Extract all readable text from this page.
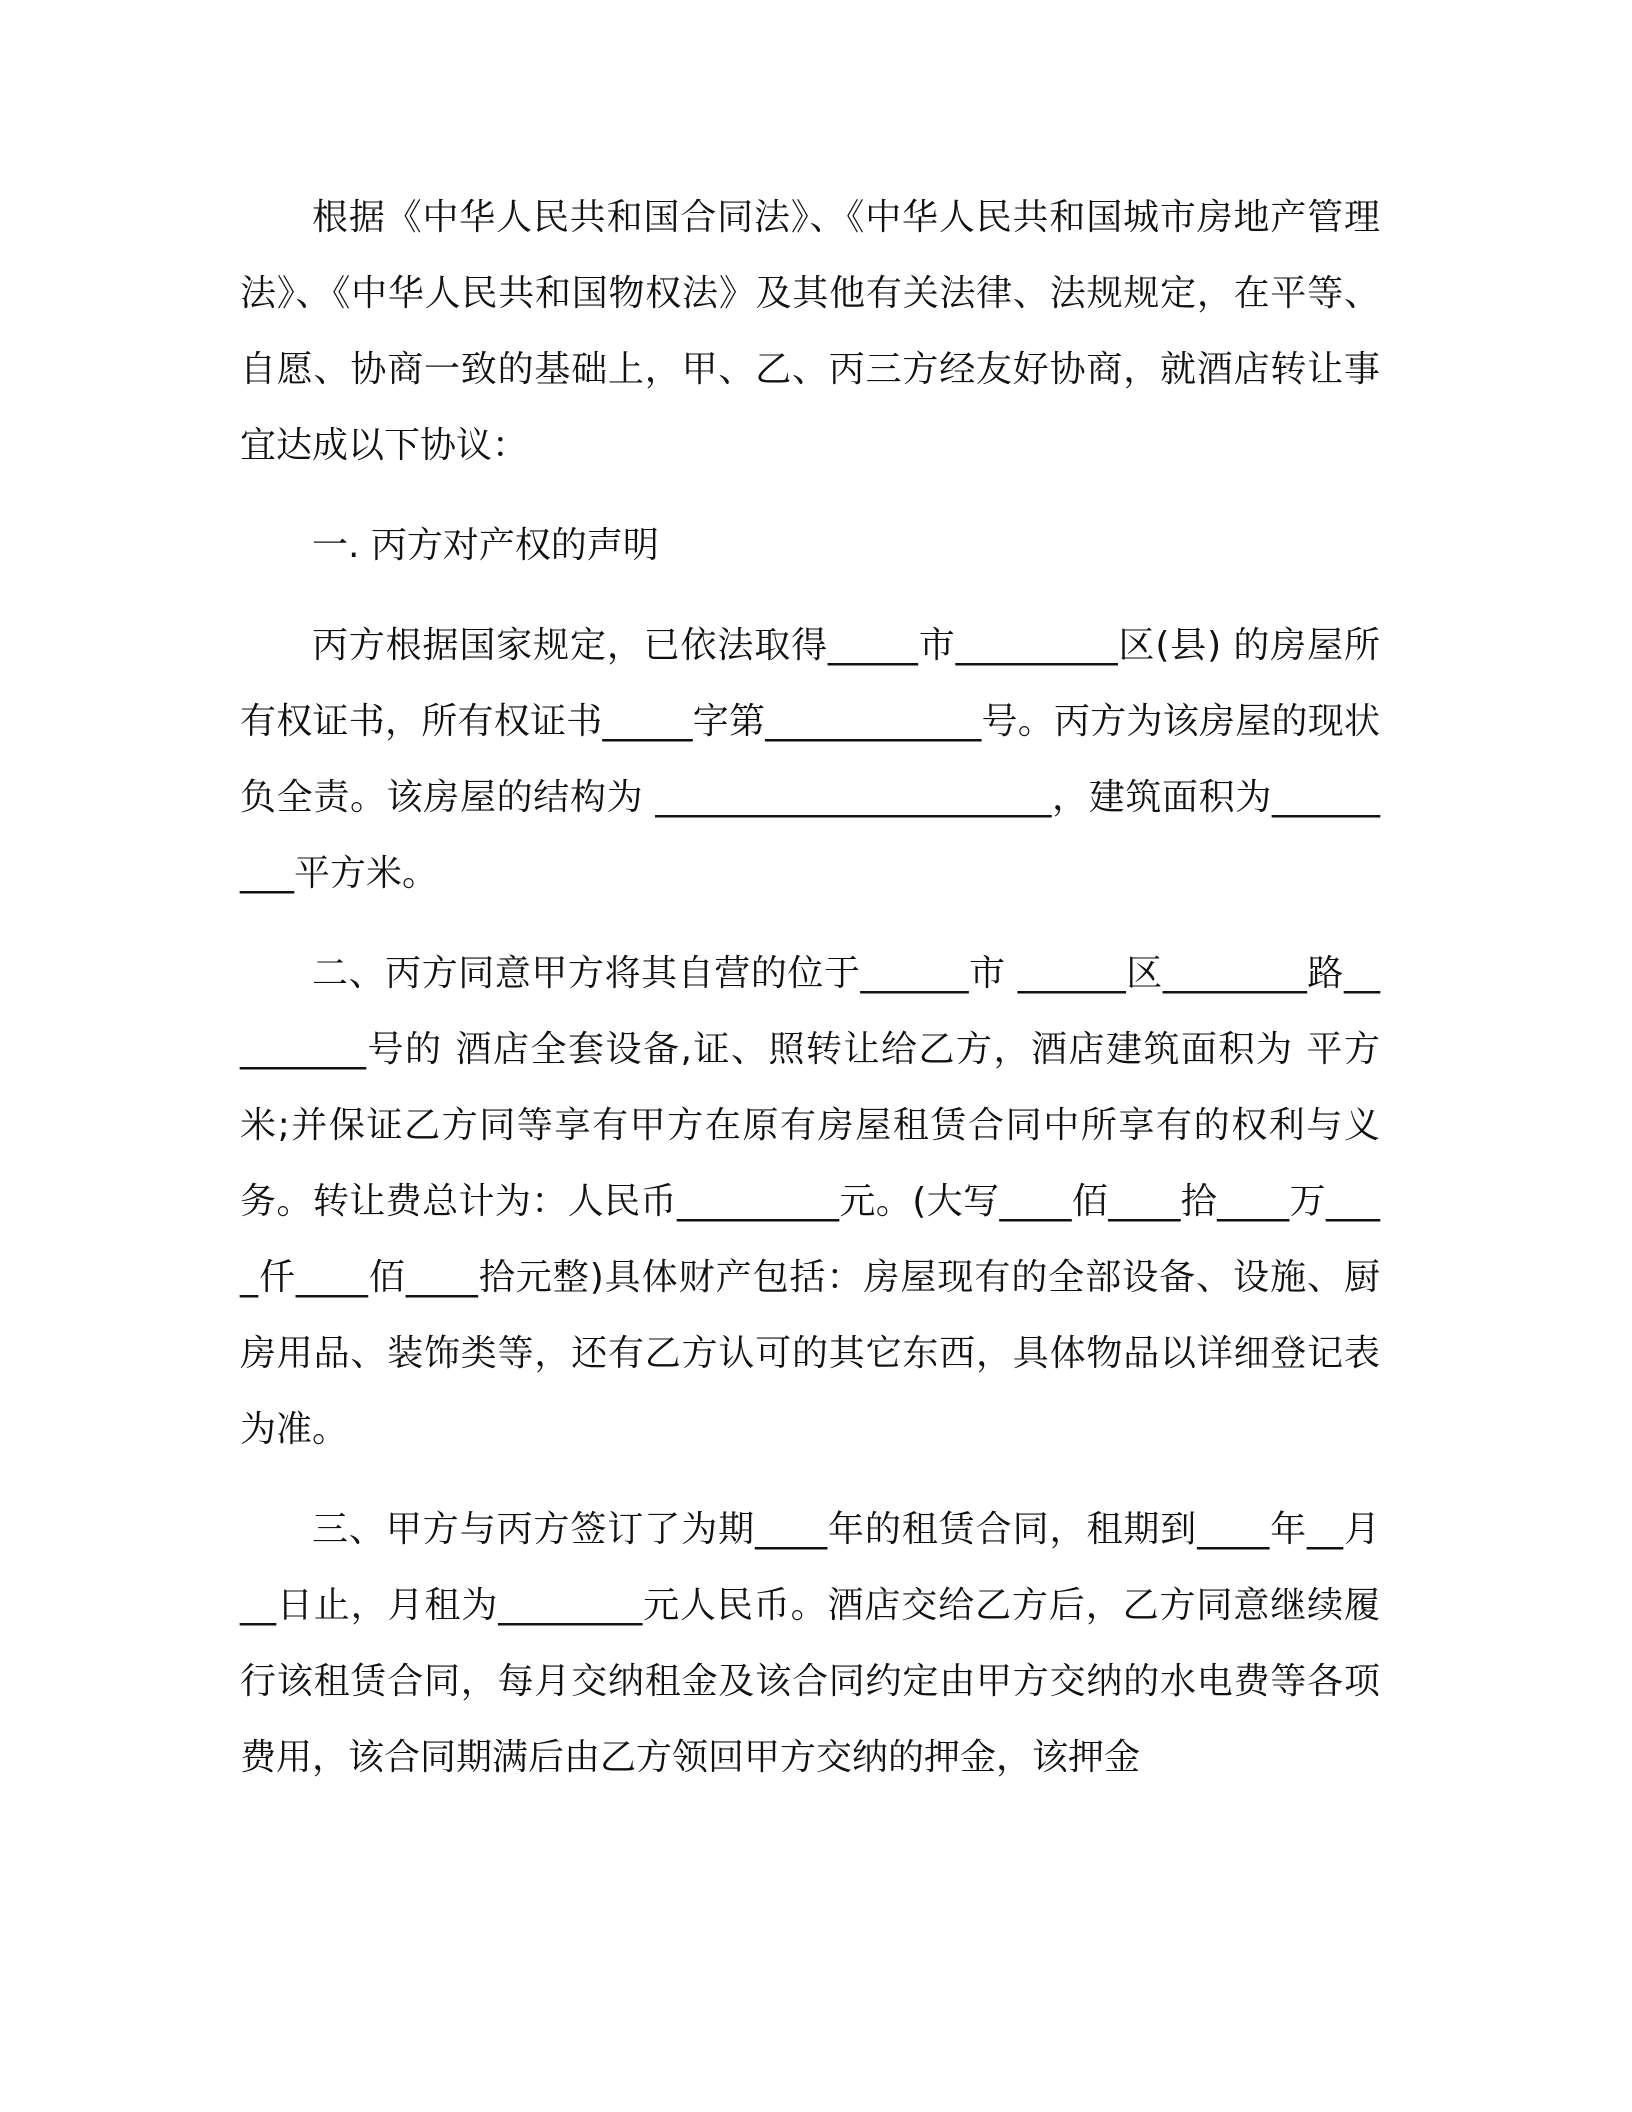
根据《中华人民共和国合同法》、《中华人民共和国城市房地产管理法》、《中华人民共和国物权法》及其他有关法律、法规规定，在平等、自愿、协商一致的基础上，甲、乙、丙三方经友好协商，就酒店转让事宜达成以下协议：

一. 丙方对产权的声明

丙方根据国家规定，已依法取得_____市_________区(县) 的房屋所有权证书，所有权证书_____字第____________号。丙方为该房屋的现状负全责。该房屋的结构为 ______________________，建筑面积为_________平方米。

二、丙方同意甲方将其自营的位于______市 ______区________路_________号的 酒店全套设备,证、照转让给乙方，酒店建筑面积为 平方米;并保证乙方同等享有甲方在原有房屋租赁合同中所享有的权利与义务。转让费总计为：人民币_________元。(大写____佰____拾____万____仟____佰____拾元整)具体财产包括：房屋现有的全部设备、设施、厨房用品、装饰类等，还有乙方认可的其它东西，具体物品以详细登记表为准。

三、甲方与丙方签订了为期____年的租赁合同，租期到____年__月 __日止，月租为________元人民币。酒店交给乙方后，乙方同意继续履行该租赁合同，每月交纳租金及该合同约定由甲方交纳的水电费等各项费用，该合同期满后由乙方领回甲方交纳的押金，该押金
